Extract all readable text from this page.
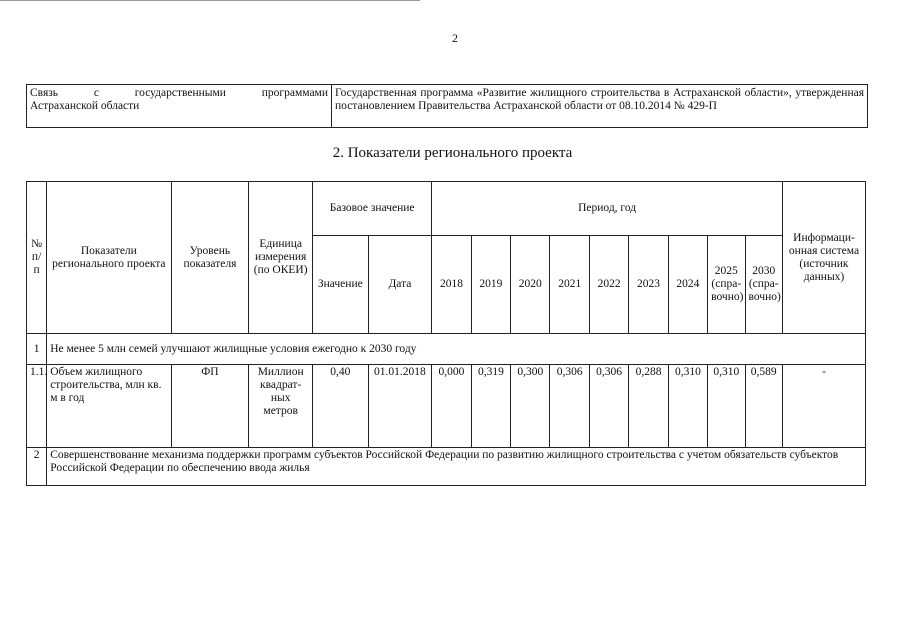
2
Связь с государственными программами
Астраханской области
	Государственная программа «Развитие жилищного строительства в Астраханской области», утвержденная постановлением Правительства Астраханской области от 08.10.2014 № 429-П
2. Показатели регионального проекта
№ п/п	Показатели регионального проекта	Уровень показателя	Единица измерения (по ОКЕИ)	Базовое значение		Период, год									Информаци-онная система (источник данных)
				Значение	Дата	2018	2019	2020	2021	2022	2023	2024	2025 (спра-вочно)	2030 (спра-вочно)	
1	Не менее 5 млн семей улучшают жилищные условия ежегодно к 2030 году														
1.1.	Объем жилищного строительства, млн кв. м в год	ФП	Миллион квадрат-ных метров	0,40	01.01.2018	0,000	0,319	0,300	0,306	0,306	0,288	0,310	0,310	0,589	-
2	Совершенствование механизма поддержки программ субъектов Российской Федерации по развитию жилищного строительства с учетом обязательств субъектов Российской Федерации по обеспечению ввода жилья														
